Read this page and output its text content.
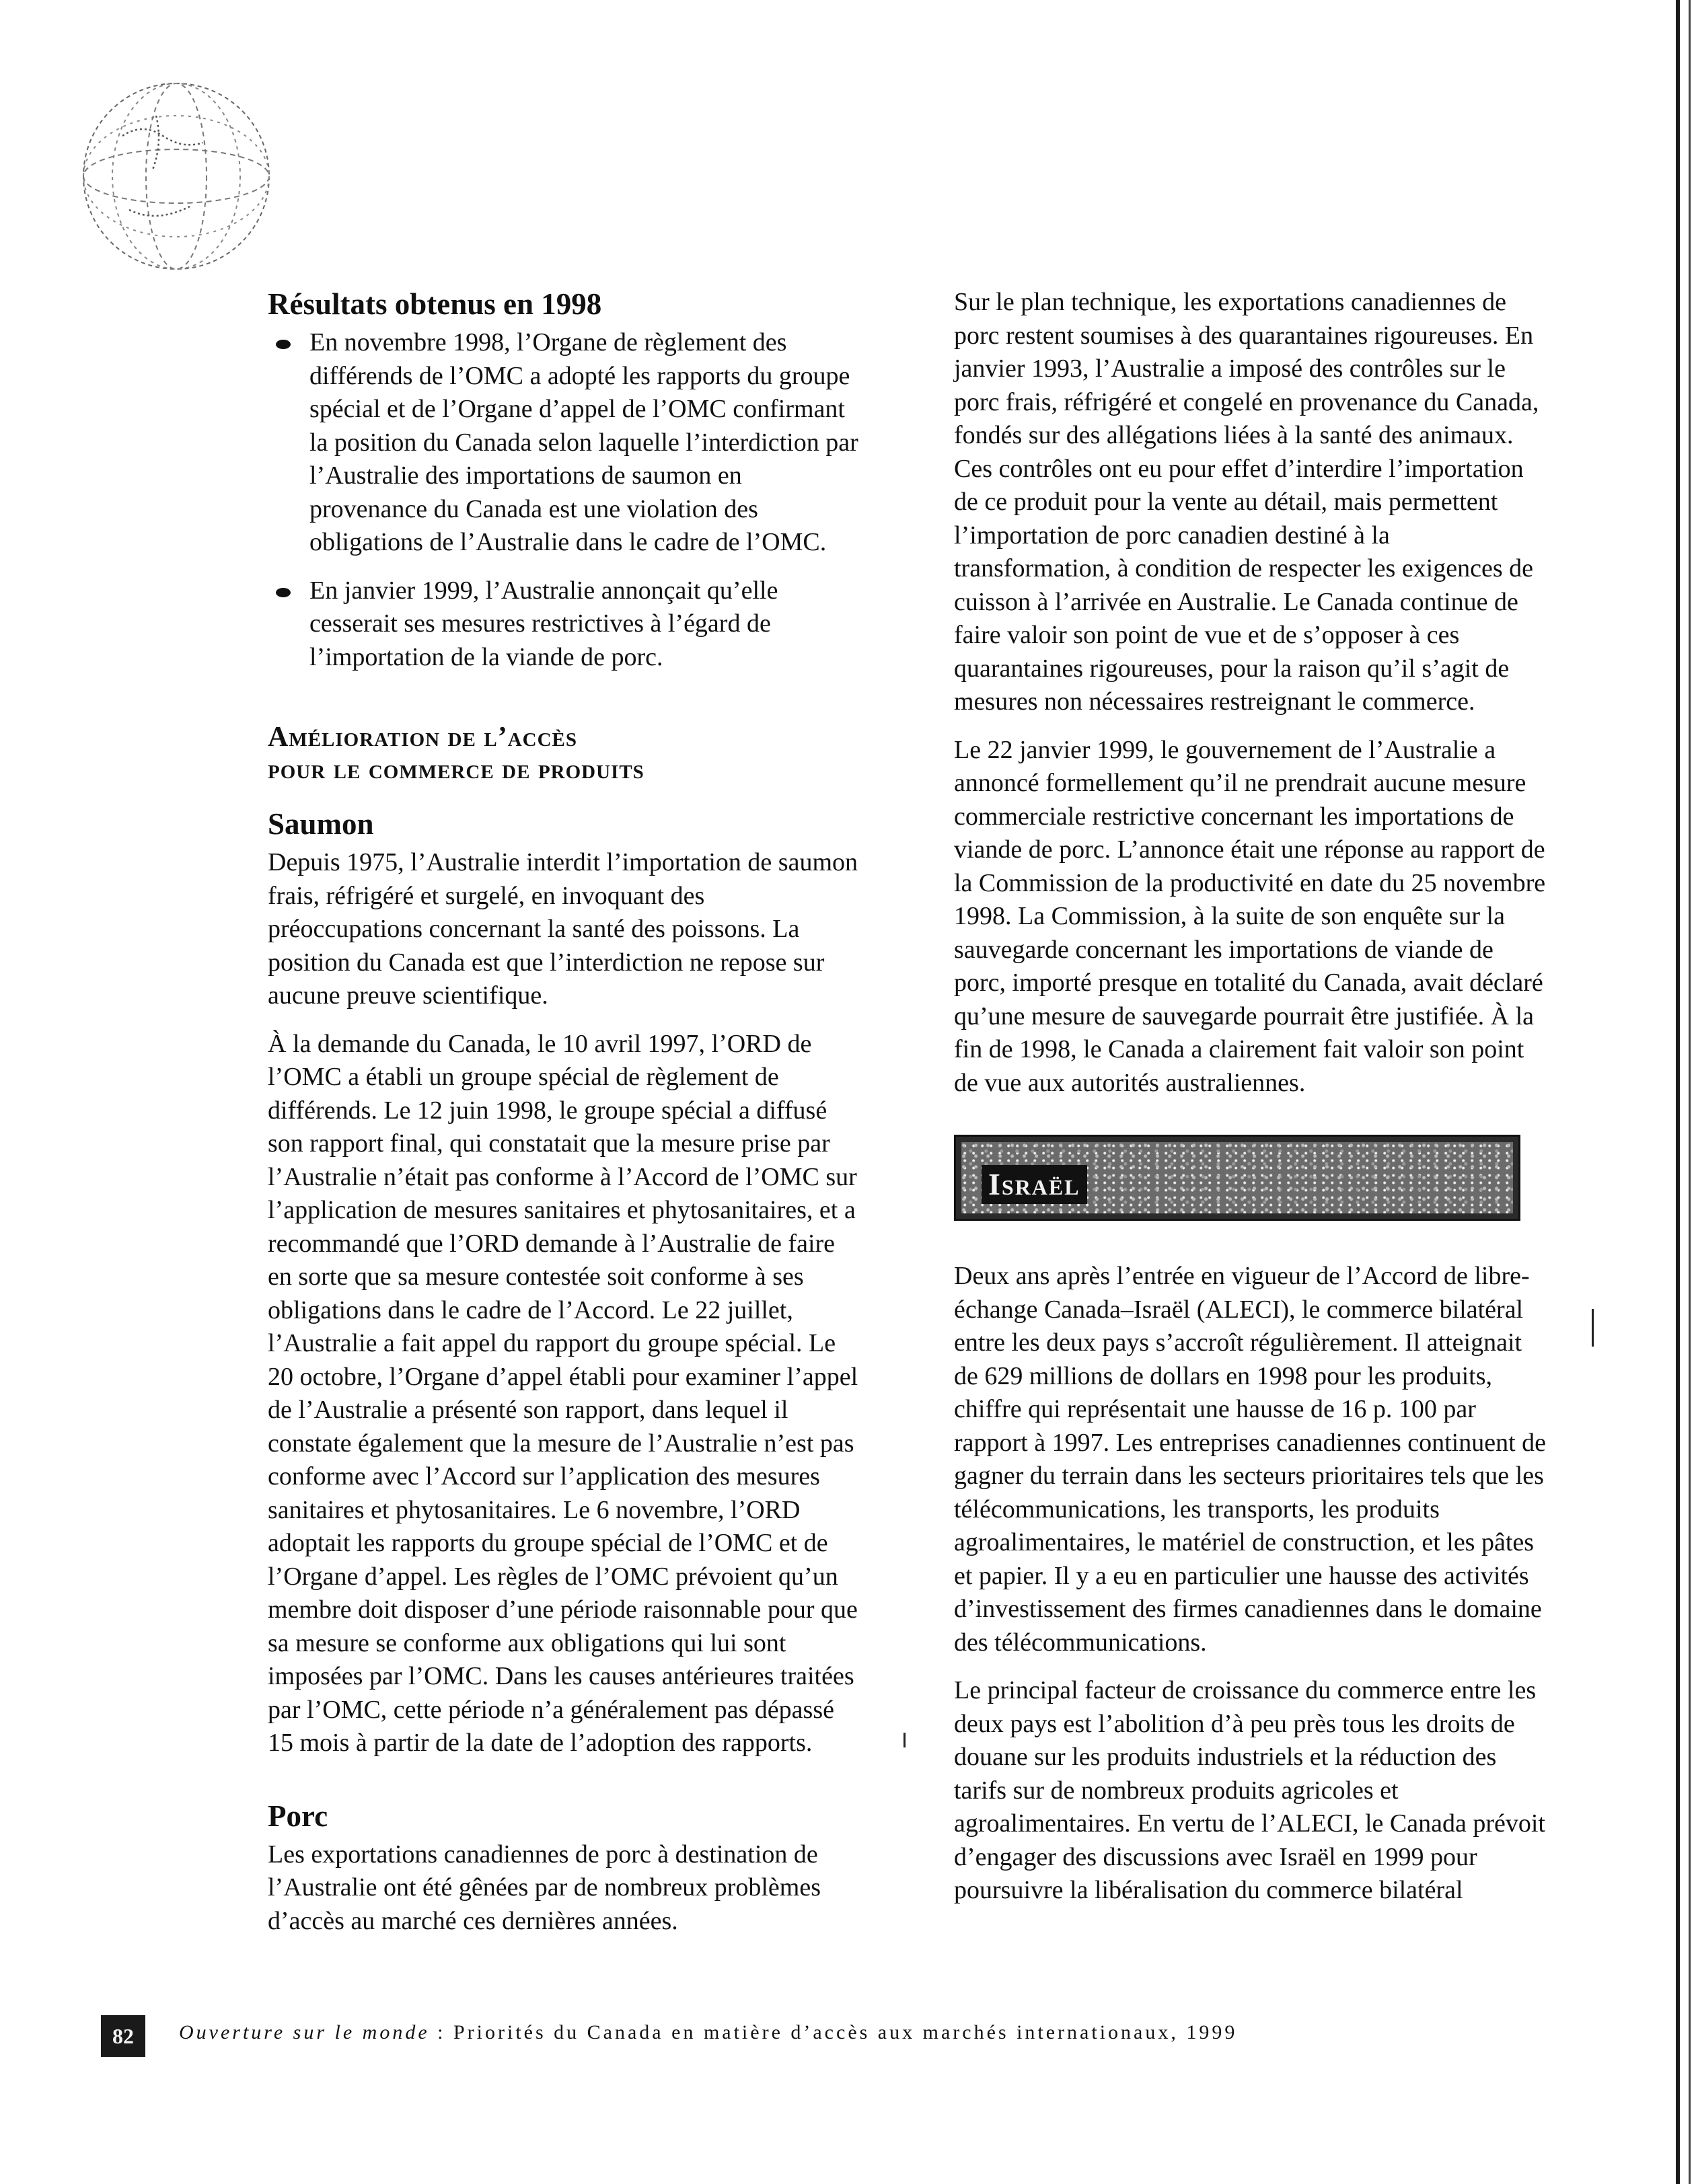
Résultats obtenus en 1998
En novembre 1998, l’Organe de règlement des différends de l’OMC a adopté les rapports du groupe spécial et de l’Organe d’appel de l’OMC confirmant la position du Canada selon laquelle l’interdiction par l’Australie des importations de saumon en provenance du Canada est une violation des obligations de l’Australie dans le cadre de l’OMC.
En janvier 1999, l’Australie annonçait qu’elle cesserait ses mesures restrictives à l’égard de l’importation de la viande de porc.
Amélioration de l’accès
pour le commerce de produits
Saumon

Depuis 1975, l’Australie interdit l’importation de saumon frais, réfrigéré et surgelé, en invoquant des préoccupations concernant la santé des poissons. La position du Canada est que l’interdiction ne repose sur aucune preuve scientifique.

À la demande du Canada, le 10 avril 1997, l’ORD de l’OMC a établi un groupe spécial de règlement de différends. Le 12 juin 1998, le groupe spécial a diffusé son rapport final, qui constatait que la mesure prise par l’Australie n’était pas conforme à l’Accord de l’OMC sur l’application de mesures sanitaires et phytosanitaires, et a recommandé que l’ORD demande à l’Australie de faire en sorte que sa mesure contestée soit conforme à ses obligations dans le cadre de l’Accord. Le 22 juillet, l’Australie a fait appel du rapport du groupe spécial. Le 20 octobre, l’Organe d’appel établi pour examiner l’appel de l’Australie a présenté son rapport, dans lequel il constate également que la mesure de l’Australie n’est pas conforme avec l’Accord sur l’application des mesures sanitaires et phytosanitaires. Le 6 novembre, l’ORD adoptait les rapports du groupe spécial de l’OMC et de l’Organe d’appel. Les règles de l’OMC prévoient qu’un membre doit disposer d’une période raisonnable pour que sa mesure se conforme aux obligations qui lui sont imposées par l’OMC. Dans les causes antérieures traitées par l’OMC, cette période n’a généralement pas dépassé 15 mois à partir de la date de l’adoption des rapports.

Porc

Les exportations canadiennes de porc à destination de l’Australie ont été gênées par de nombreux problèmes d’accès au marché ces dernières années.

Sur le plan technique, les exportations canadiennes de porc restent soumises à des quarantaines rigoureuses. En janvier 1993, l’Australie a imposé des contrôles sur le porc frais, réfrigéré et congelé en provenance du Canada, fondés sur des allégations liées à la santé des animaux. Ces contrôles ont eu pour effet d’interdire l’importation de ce produit pour la vente au détail, mais permettent l’importation de porc canadien destiné à la transformation, à condition de respecter les exigences de cuisson à l’arrivée en Australie. Le Canada continue de faire valoir son point de vue et de s’opposer à ces quarantaines rigoureuses, pour la raison qu’il s’agit de mesures non nécessaires restreignant le commerce.

Le 22 janvier 1999, le gouvernement de l’Australie a annoncé formellement qu’il ne prendrait aucune mesure commerciale restrictive concernant les importations de viande de porc. L’annonce était une réponse au rapport de la Commission de la productivité en date du 25 novembre 1998. La Commission, à la suite de son enquête sur la sauvegarde concernant les importations de viande de porc, importé presque en totalité du Canada, avait déclaré qu’une mesure de sauvegarde pourrait être justifiée. À la fin de 1998, le Canada a clairement fait valoir son point de vue aux autorités australiennes.

Israël

Deux ans après l’entrée en vigueur de l’Accord de libre-échange Canada–Israël (ALECI), le commerce bilatéral entre les deux pays s’accroît régulièrement. Il atteignait de 629 millions de dollars en 1998 pour les produits, chiffre qui représentait une hausse de 16 p. 100 par rapport à 1997. Les entreprises canadiennes continuent de gagner du terrain dans les secteurs prioritaires tels que les télécommunications, les transports, les produits agroalimentaires, le matériel de construction, et les pâtes et papier. Il y a eu en particulier une hausse des activités d’investissement des firmes canadiennes dans le domaine des télécommunications.

Le principal facteur de croissance du commerce entre les deux pays est l’abolition d’à peu près tous les droits de douane sur les produits industriels et la réduction des tarifs sur de nombreux produits agricoles et agroalimentaires. En vertu de l’ALECI, le Canada prévoit d’engager des discussions avec Israël en 1999 pour poursuivre la libéralisation du commerce bilatéral

82	Ouverture sur le monde : Priorités du Canada en matière d’accès aux marchés internationaux, 1999
